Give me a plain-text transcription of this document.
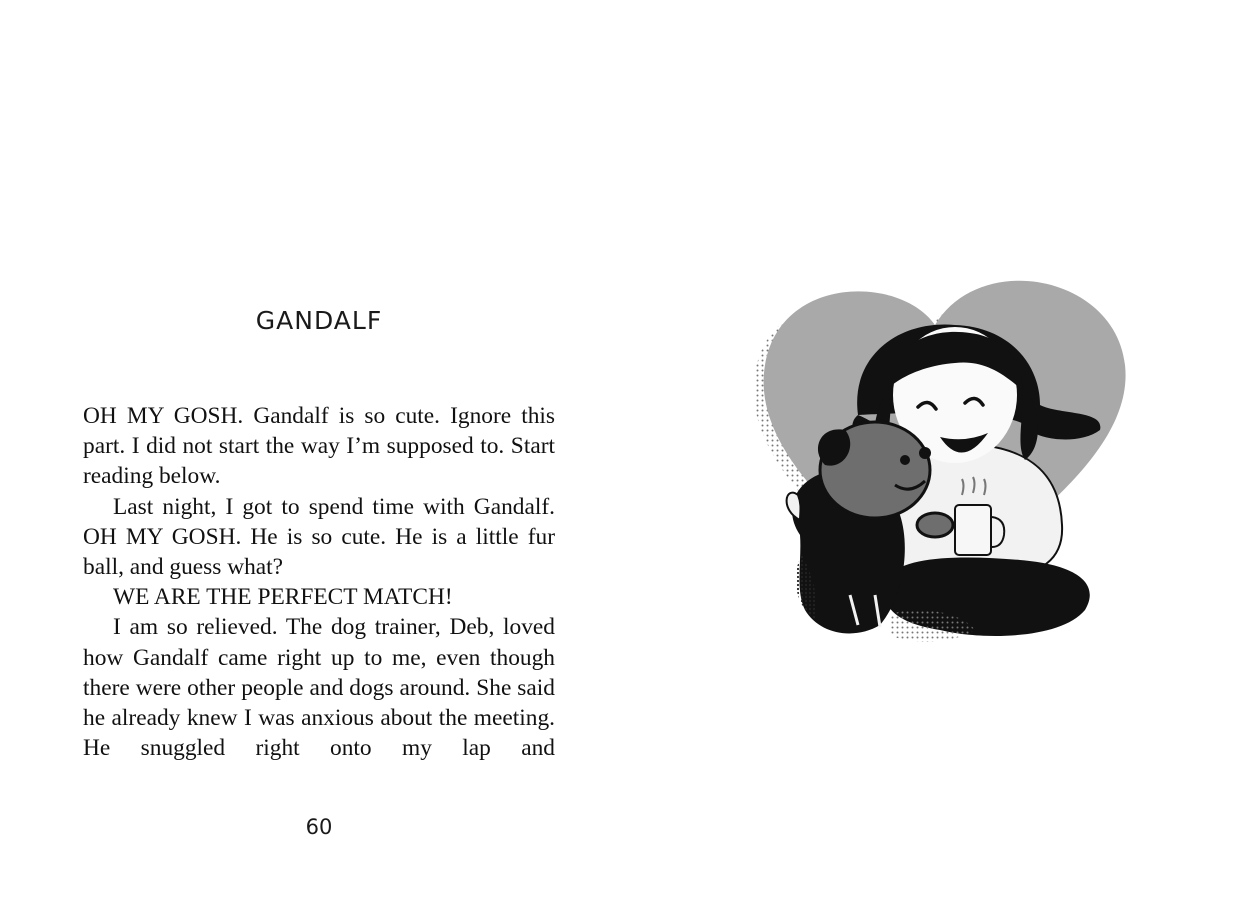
GANDALF

OH MY GOSH. Gandalf is so cute. Ignore this part. I did not start the way I’m supposed to. Start reading below.

Last night, I got to spend time with Gandalf. OH MY GOSH. He is so cute. He is a little fur ball, and guess what?

WE ARE THE PERFECT MATCH!

I am so relieved. The dog trainer, Deb, loved how Gandalf came right up to me, even though there were other people and dogs around. She said he already knew I was anxious about the meeting. He snuggled right onto my lap and

60
